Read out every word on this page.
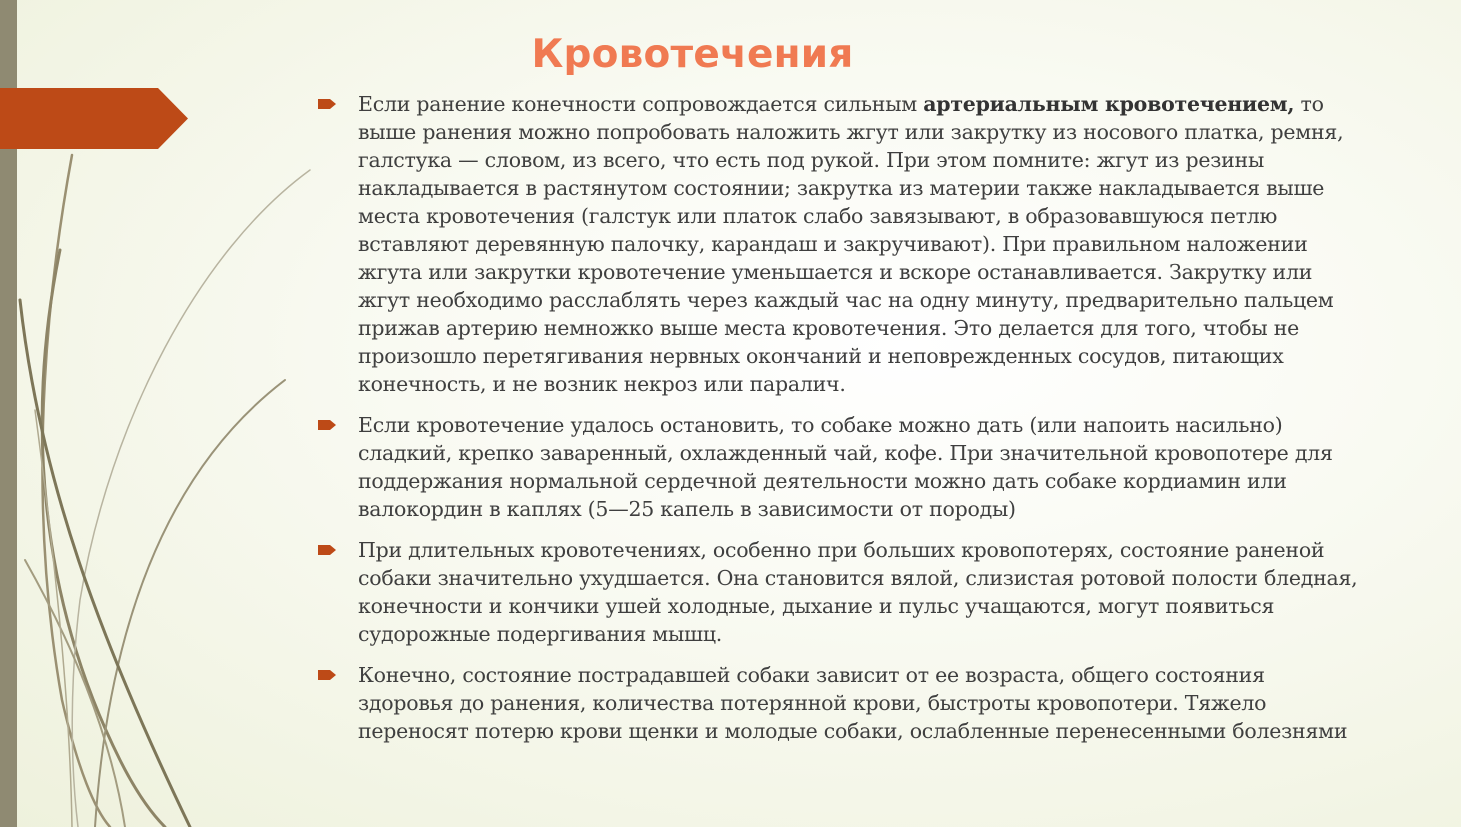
Кровотечения
Если ранение конечности сопровождается сильным артериальным кровотечением, то выше ранения можно попробовать наложить жгут или закрутку из носового платка, ремня, галстука — словом, из всего, что есть под рукой. При этом помните: жгут из резины накладывается в растянутом состоянии; закрутка из материи также накладывается выше места кровотечения (галстук или платок слабо завязывают, в образовавшуюся петлю вставляют деревянную палочку, карандаш и закручивают). При правильном наложении жгута или закрутки кровотечение уменьшается и вскоре останавливается. Закрутку или жгут необходимо расслаблять через каждый час на одну минуту, предварительно пальцем прижав артерию немножко выше места кровотечения. Это делается для того, чтобы не произошло перетягивания нервных окончаний и неповрежденных сосудов, питающих конечность, и не возник некроз или паралич.
Если кровотечение удалось остановить, то собаке можно дать (или напоить насильно) сладкий, крепко заваренный, охлажденный чай, кофе. При значительной кровопотере для поддержания нормальной сердечной деятельности можно дать собаке кордиамин или валокордин в каплях (5—25 капель в зависимости от породы)
При длительных кровотечениях, особенно при больших кровопотерях, состояние раненой собаки значительно ухудшается. Она становится вялой, слизистая ротовой полости бледная, конечности и кончики ушей холодные, дыхание и пульс учащаются, могут появиться судорожные подергивания мышц.
Конечно, состояние пострадавшей собаки зависит от ее возраста, общего состояния здоровья до ранения, количества потерянной крови, быстроты кровопотери. Тяжело переносят потерю крови щенки и молодые собаки, ослабленные перенесенными болезнями
